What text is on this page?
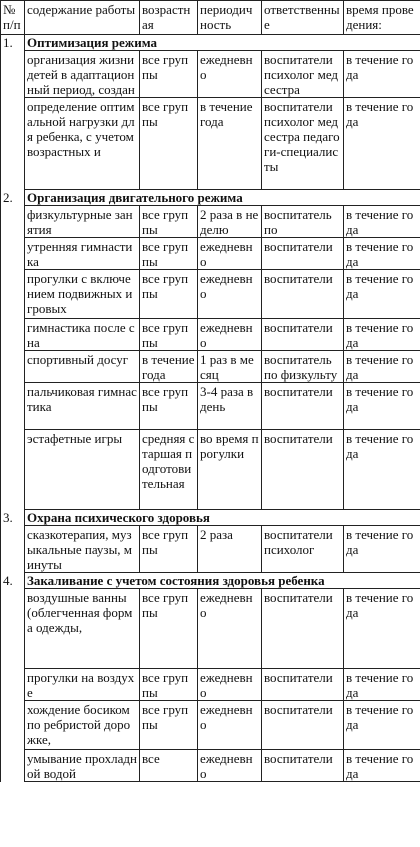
№ п/п	содержание работы	возрастная	периодичность	ответственные	время проведения:

1.	Оптимизация режима				

	организация жизни детей в адаптационный период, создан	все группы	ежедневно	воспитатели психолог медсестра	в течение года

	определение оптимальной нагрузки для ребенка, с учетом возрастных и	все группы	в течение года	воспитатели психолог медсестра педагоги-специалисты	в течение года

2.	Организация двигательного режима				

	физкультурные занятия	все группы	2 раза в неделю	воспитатель по	в течение года

	утренняя гимнастика	все группы	ежедневно	воспитатели	в течение года

	прогулки с включением подвижных игровых	все группы	ежедневно	воспитатели	в течение года

	гимнастика после сна	все группы	ежедневно	воспитатели	в течение года

	спортивный досуг	в течение года	1 раз в месяц	воспитатель по физкульту	в течение года

	пальчиковая гимнастика	все группы	3-4 раза в день	воспитатели	в течение года

	эстафетные игры	средняя старшая подготовительная	во время прогулки	воспитатели	в течение года

3.	Охрана психического здоровья				

	сказкотерапия, музыкальные паузы, минуты	все группы	2 раза	воспитатели психолог	в течение года

4.	Закаливание с учетом состояния здоровья ребенка				

	воздушные ванны (облегченная форма одежды,	все группы	ежедневно	воспитатели	в течение года

	прогулки на воздухе	все группы	ежедневно	воспитатели	в течение года

	хождение босиком по ребристой дорожке,	все группы	ежедневно	воспитатели	в течение года

	умывание прохладной водой	все	ежедневно	воспитатели	в течение года
